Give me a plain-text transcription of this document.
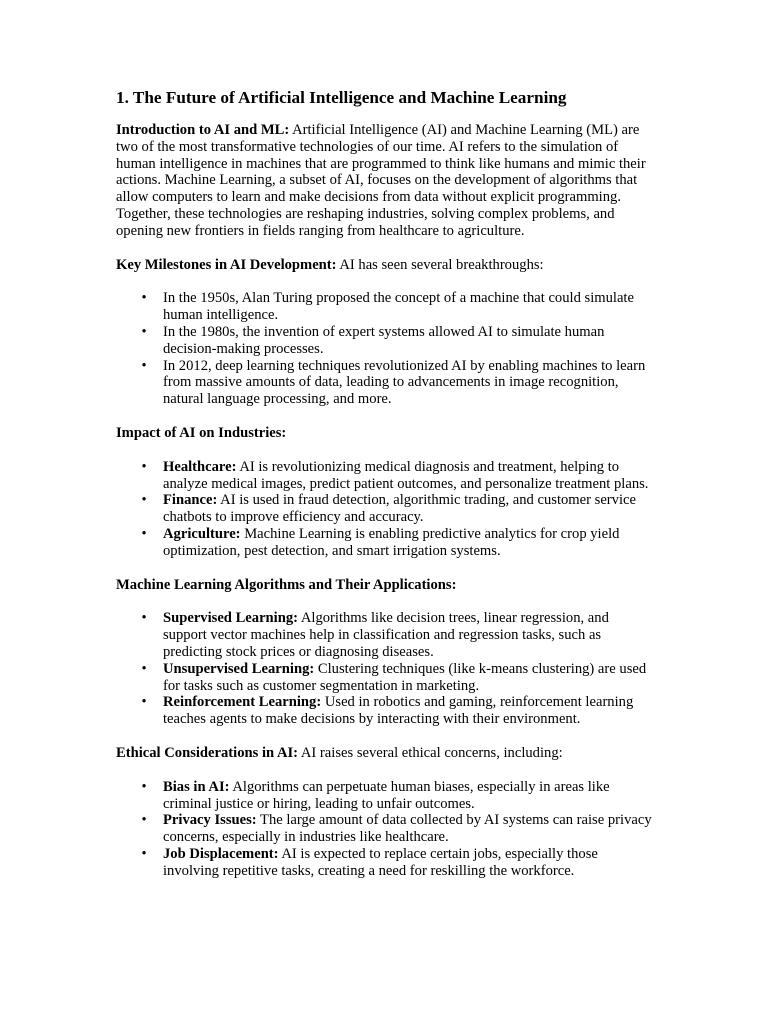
1. The Future of Artificial Intelligence and Machine Learning

Introduction to AI and ML: Artificial Intelligence (AI) and Machine Learning (ML) are two of the most transformative technologies of our time. AI refers to the simulation of human intelligence in machines that are programmed to think like humans and mimic their actions. Machine Learning, a subset of AI, focuses on the development of algorithms that allow computers to learn and make decisions from data without explicit programming. Together, these technologies are reshaping industries, solving complex problems, and opening new frontiers in fields ranging from healthcare to agriculture.

Key Milestones in AI Development: AI has seen several breakthroughs:

• In the 1950s, Alan Turing proposed the concept of a machine that could simulate human intelligence.
• In the 1980s, the invention of expert systems allowed AI to simulate human decision-making processes.
• In 2012, deep learning techniques revolutionized AI by enabling machines to learn from massive amounts of data, leading to advancements in image recognition, natural language processing, and more.

Impact of AI on Industries:

• Healthcare: AI is revolutionizing medical diagnosis and treatment, helping to analyze medical images, predict patient outcomes, and personalize treatment plans.
• Finance: AI is used in fraud detection, algorithmic trading, and customer service chatbots to improve efficiency and accuracy.
• Agriculture: Machine Learning is enabling predictive analytics for crop yield optimization, pest detection, and smart irrigation systems.

Machine Learning Algorithms and Their Applications:

• Supervised Learning: Algorithms like decision trees, linear regression, and support vector machines help in classification and regression tasks, such as predicting stock prices or diagnosing diseases.
• Unsupervised Learning: Clustering techniques (like k-means clustering) are used for tasks such as customer segmentation in marketing.
• Reinforcement Learning: Used in robotics and gaming, reinforcement learning teaches agents to make decisions by interacting with their environment.

Ethical Considerations in AI: AI raises several ethical concerns, including:

• Bias in AI: Algorithms can perpetuate human biases, especially in areas like criminal justice or hiring, leading to unfair outcomes.
• Privacy Issues: The large amount of data collected by AI systems can raise privacy concerns, especially in industries like healthcare.
• Job Displacement: AI is expected to replace certain jobs, especially those involving repetitive tasks, creating a need for reskilling the workforce.
